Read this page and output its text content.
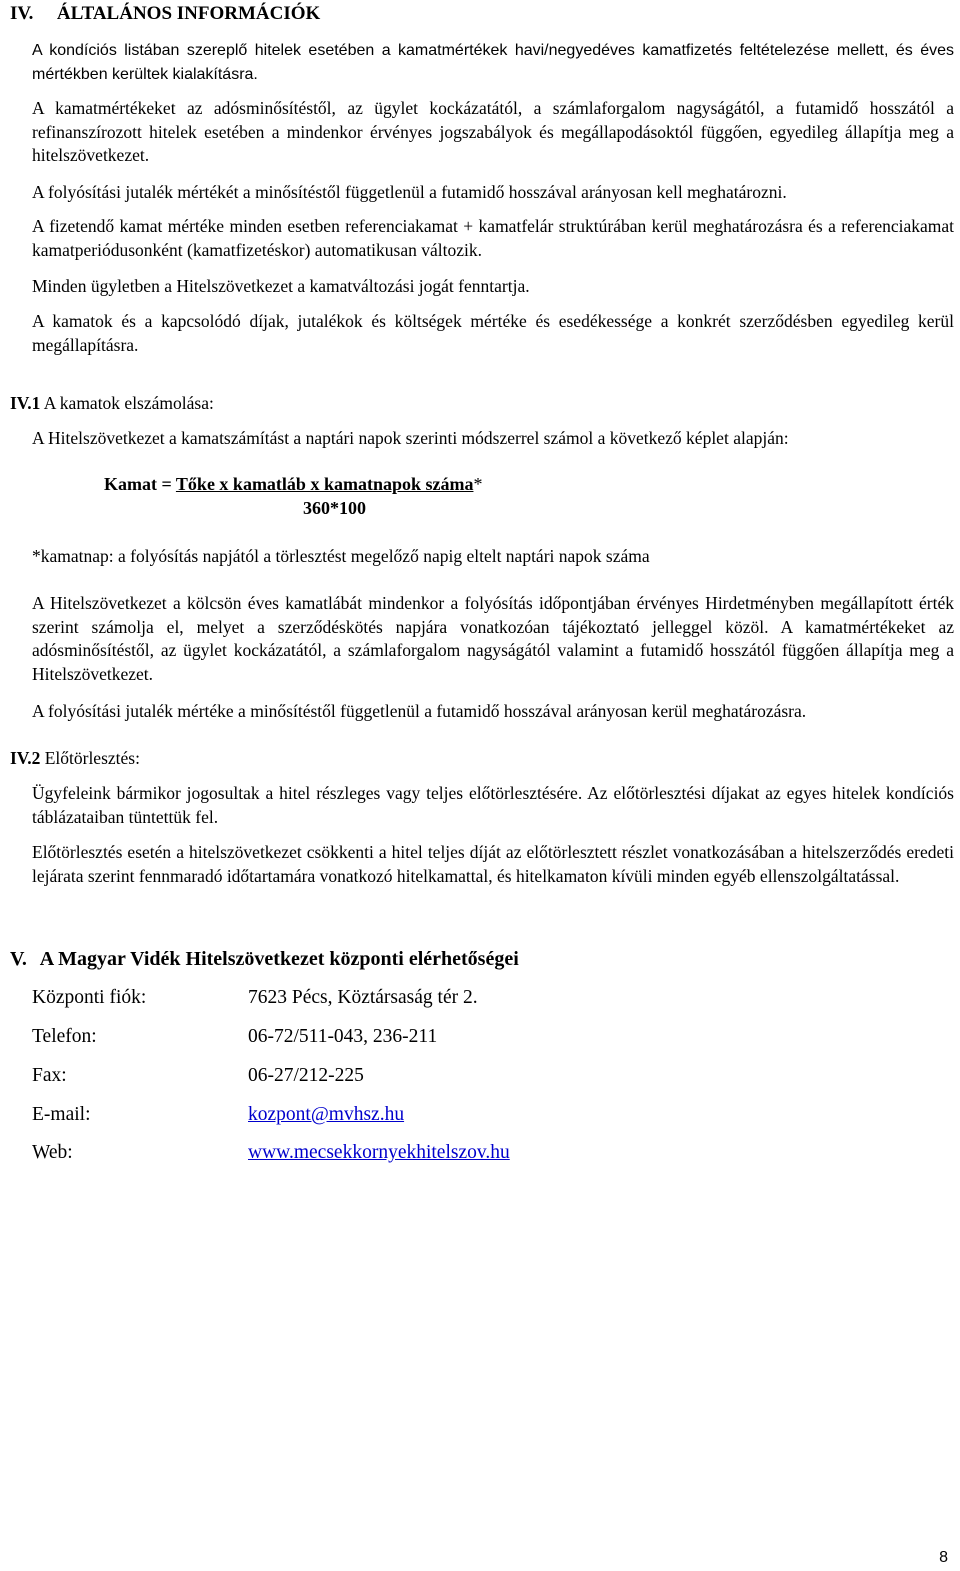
IV. ÁLTALÁNOS INFORMÁCIÓK
A kondíciós listában szereplő hitelek esetében a kamatmértékek havi/negyedéves kamatfizetés feltételezése mellett, és éves mértékben kerültek kialakításra.
A kamatmértékeket az adósminősítéstől, az ügylet kockázatától, a számlaforgalom nagyságától, a futamidő hosszától a refinanszírozott hitelek esetében a mindenkor érvényes jogszabályok és megállapodásoktól függően, egyedileg állapítja meg a hitelszövetkezet.
A folyósítási jutalék mértékét a minősítéstől függetlenül a futamidő hosszával arányosan kell meghatározni.
A fizetendő kamat mértéke minden esetben referenciakamat + kamatfelár struktúrában kerül meghatározásra és a referenciakamat kamatperiódusonként (kamatfizetéskor) automatikusan változik.
Minden ügyletben a Hitelszövetkezet a kamatváltozási jogát fenntartja.
A kamatok és a kapcsolódó díjak, jutalékok és költségek mértéke és esedékessége a konkrét szerződésben egyedileg kerül megállapításra.
IV.1 A kamatok elszámolása:
A Hitelszövetkezet a kamatszámítást a naptári napok szerinti módszerrel számol a következő képlet alapján:
Kamat = Tőke x kamatláb x kamatnapok száma*
360*100
*kamatnap: a folyósítás napjától a törlesztést megelőző napig eltelt naptári napok száma
A Hitelszövetkezet a kölcsön éves kamatlábát mindenkor a folyósítás időpontjában érvényes Hirdetményben megállapított érték szerint számolja el, melyet a szerződéskötés napjára vonatkozóan tájékoztató jelleggel közöl. A kamatmértékeket az adósminősítéstől, az ügylet kockázatától, a számlaforgalom nagyságától valamint a futamidő hosszától függően állapítja meg a Hitelszövetkezet.
A folyósítási jutalék mértéke a minősítéstől függetlenül a futamidő hosszával arányosan kerül meghatározásra.
IV.2 Előtörlesztés:
Ügyfeleink bármikor jogosultak a hitel részleges vagy teljes előtörlesztésére. Az előtörlesztési díjakat az egyes hitelek kondíciós táblázataiban tüntettük fel.
Előtörlesztés esetén a hitelszövetkezet csökkenti a hitel teljes díját az előtörlesztett részlet vonatkozásában a hitelszerződés eredeti lejárata szerint fennmaradó időtartamára vonatkozó hitelkamattal, és hitelkamaton kívüli minden egyéb ellenszolgáltatással.
V. A Magyar Vidék Hitelszövetkezet központi elérhetőségei
Központi fiók:	7623 Pécs, Köztársaság tér 2.
Telefon:	06-72/511-043, 236-211
Fax:	06-27/212-225
E-mail:	kozpont@mvhsz.hu
Web:	www.mecsekkornyekhitelszov.hu
8
